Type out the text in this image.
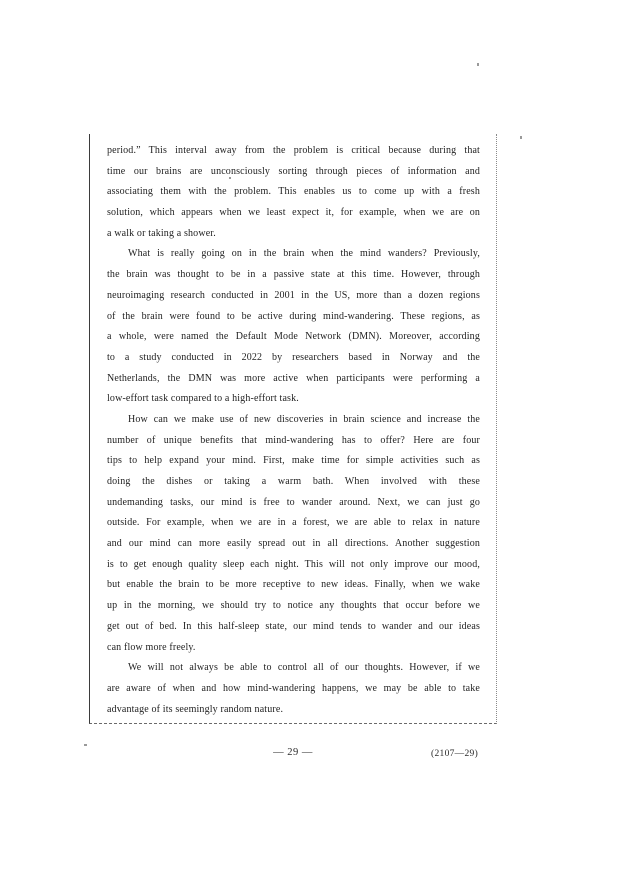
period.” This interval away from the problem is critical because during that
time our brains are unconsciously sorting through pieces of information and
associating them with the problem. This enables us to come up with a fresh
solution, which appears when we least expect it, for example, when we are on
a walk or taking a shower.
What is really going on in the brain when the mind wanders? Previously,
the brain was thought to be in a passive state at this time. However, through
neuroimaging research conducted in 2001 in the US, more than a dozen regions
of the brain were found to be active during mind-wandering. These regions, as
a whole, were named the Default Mode Network (DMN). Moreover, according
to a study conducted in 2022 by researchers based in Norway and the
Netherlands, the DMN was more active when participants were performing a
low-effort task compared to a high-effort task.
How can we make use of new discoveries in brain science and increase the
number of unique benefits that mind-wandering has to offer? Here are four
tips to help expand your mind. First, make time for simple activities such as
doing the dishes or taking a warm bath. When involved with these
undemanding tasks, our mind is free to wander around. Next, we can just go
outside. For example, when we are in a forest, we are able to relax in nature
and our mind can more easily spread out in all directions. Another suggestion
is to get enough quality sleep each night. This will not only improve our mood,
but enable the brain to be more receptive to new ideas. Finally, when we wake
up in the morning, we should try to notice any thoughts that occur before we
get out of bed. In this half-sleep state, our mind tends to wander and our ideas
can flow more freely.
We will not always be able to control all of our thoughts. However, if we
are aware of when and how mind-wandering happens, we may be able to take
advantage of its seemingly random nature.
— 29 —	(2107—29)
